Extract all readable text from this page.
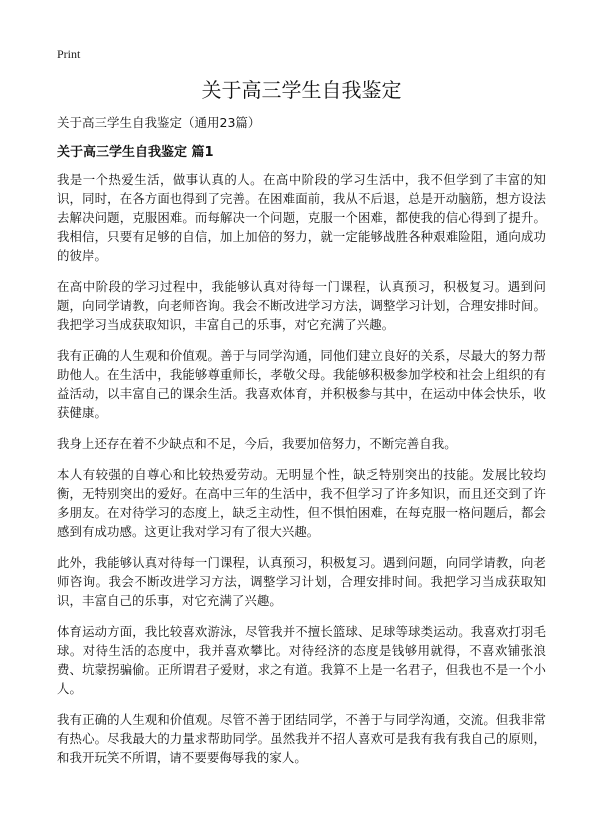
Print
关于高三学生自我鉴定
关于高三学生自我鉴定（通用23篇）
关于高三学生自我鉴定 篇1

我是一个热爱生活，做事认真的人。在高中阶段的学习生活中，我不但学到了丰富的知识，同时，在各方面也得到了完善。在困难面前，我从不后退，总是开动脑筋，想方设法去解决问题，克服困难。而每解决一个问题，克服一个困难，都使我的信心得到了提升。我相信，只要有足够的自信，加上加倍的努力，就一定能够战胜各种艰难险阻，通向成功的彼岸。

在高中阶段的学习过程中，我能够认真对待每一门课程，认真预习，积极复习。遇到问题，向同学请教，向老师咨询。我会不断改进学习方法，调整学习计划，合理安排时间。我把学习当成获取知识，丰富自己的乐事，对它充满了兴趣。

我有正确的人生观和价值观。善于与同学沟通，同他们建立良好的关系，尽最大的努力帮助他人。在生活中，我能够尊重师长，孝敬父母。我能够积极参加学校和社会上组织的有益活动，以丰富自己的课余生活。我喜欢体育，并积极参与其中，在运动中体会快乐，收获健康。

我身上还存在着不少缺点和不足，今后，我要加倍努力，不断完善自我。

本人有较强的自尊心和比较热爱劳动。无明显个性，缺乏特别突出的技能。发展比较均衡，无特别突出的爱好。在高中三年的生活中，我不但学习了许多知识，而且还交到了许多朋友。在对待学习的态度上，缺乏主动性，但不惧怕困难，在每克服一格问题后，都会感到有成功感。这更让我对学习有了很大兴趣。

此外，我能够认真对待每一门课程，认真预习，积极复习。遇到问题，向同学请教，向老师咨询。我会不断改进学习方法，调整学习计划，合理安排时间。我把学习当成获取知识，丰富自己的乐事，对它充满了兴趣。

体育运动方面，我比较喜欢游泳，尽管我并不擅长篮球、足球等球类运动。我喜欢打羽毛球。对待生活的态度中，我并喜欢攀比。对待经济的态度是钱够用就得，不喜欢铺张浪费、坑蒙拐骗偷。正所谓君子爱财，求之有道。我算不上是一名君子，但我也不是一个小人。

我有正确的人生观和价值观。尽管不善于团结同学，不善于与同学沟通，交流。但我非常有热心。尽我最大的力量求帮助同学。虽然我并不招人喜欢可是我有我有我自己的原则，和我开玩笑不所谓，请不要要侮辱我的家人。
